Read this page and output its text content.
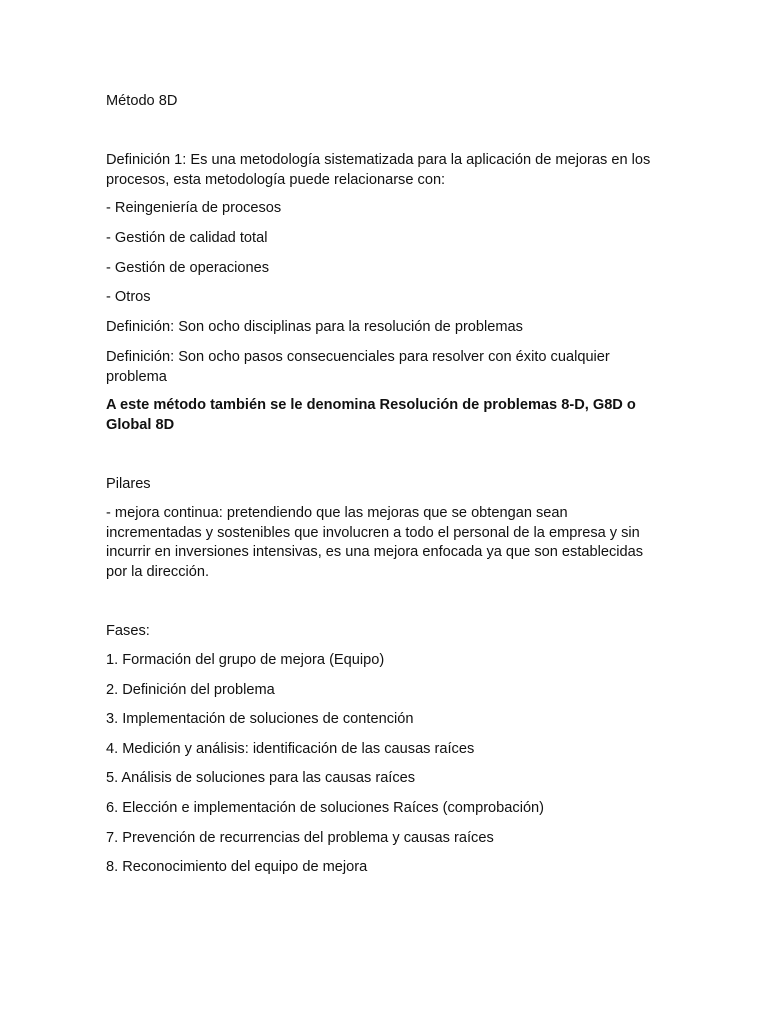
Método 8D

Definición 1: Es una metodología sistematizada para la aplicación de mejoras en los procesos, esta metodología puede relacionarse con:

- Reingeniería de procesos

- Gestión de calidad total

- Gestión de operaciones

- Otros

Definición: Son ocho disciplinas para la resolución de problemas

Definición: Son ocho pasos consecuenciales para resolver con éxito cualquier problema

A este método también se le denomina Resolución de problemas 8-D, G8D o Global 8D

Pilares

- mejora continua: pretendiendo que las mejoras que se obtengan sean incrementadas y sostenibles que involucren a todo el personal de la empresa y sin incurrir en inversiones intensivas, es una mejora enfocada ya que son establecidas por la dirección.

Fases:

1. Formación del grupo de mejora (Equipo)

2. Definición del problema

3. Implementación de soluciones de contención

4. Medición y análisis: identificación de las causas raíces

5. Análisis de soluciones para las causas raíces

6. Elección e implementación de soluciones Raíces (comprobación)

7. Prevención de recurrencias del problema y causas raíces

8. Reconocimiento del equipo de mejora
